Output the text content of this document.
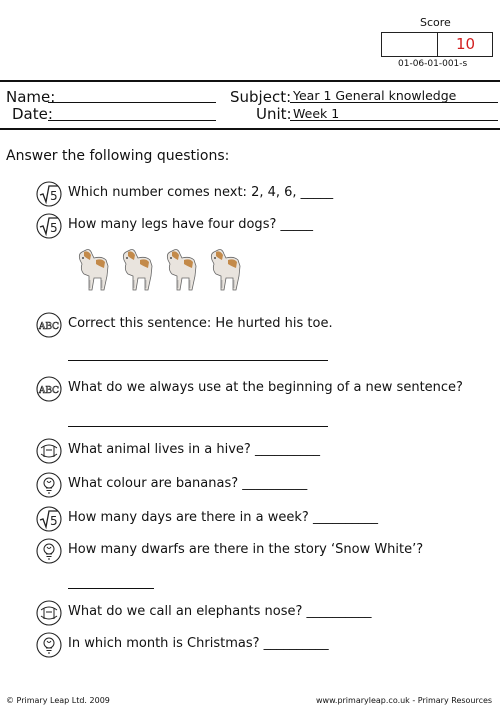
Score
10
01-06-01-001-s
Name:
Date:
Subject: Year 1 General knowledge
Unit: Week 1
Answer the following questions:
5 Which number comes next: 2, 4, 6, _____
5 How many legs have four dogs? _____
ABC Correct this sentence: He hurted his toe.
ABC What do we always use at the beginning of a new sentence?
What animal lives in a hive? __________
What colour are bananas? __________
5 How many days are there in a week? __________
How many dwarfs are there in the story ‘Snow White’?
What do we call an elephants nose? __________
In which month is Christmas? __________
© Primary Leap Ltd. 2009	www.primaryleap.co.uk - Primary Resources
